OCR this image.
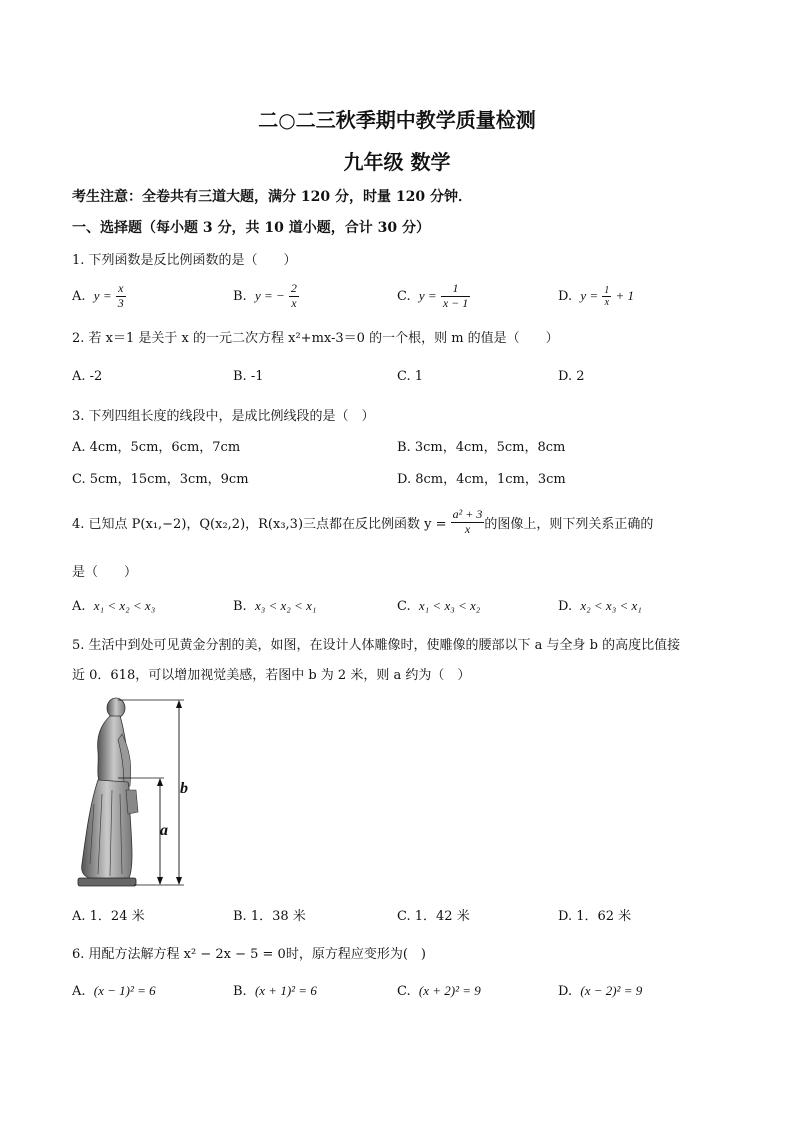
二○二三秋季期中教学质量检测
九年级 数学
考生注意：全卷共有三道大题，满分 120 分，时量 120 分钟．
一、选择题（每小题 3 分，共 10 道小题，合计 30 分）
1. 下列函数是反比例函数的是（　　）
A.
y =
$\frac{x}{3}$	B.
y = −
$\frac{2}{x}$	C.
y =
$\frac{1}{x - 1}$	D.
y =
$\frac{1}{x}$
+ 1
2. 若 x＝1 是关于 x 的一元二次方程 x²+mx-3＝0 的一个根，则 m 的值是（　　）
A. -2	B. -1	C. 1	D. 2
3. 下列四组长度的线段中，是成比例线段的是（　）
A. 4cm，5cm，6cm，7cm	B. 3cm，4cm，5cm，8cm
C. 5cm，15cm，3cm，9cm	D. 8cm，4cm，1cm，3cm
4. 已知点 P(x₁,−2)，Q(x₂,2)，R(x₃,3)三点都在反比例函数 y =
$\frac{\text{a² + 3}}{x}$ 的图像上，则下列关系正确的
是（　　）
A. x₁ < x₂ < x₃	B. x₃ < x₂ < x₁	C. x₁ < x₃ < x₂	D. x₂ < x₃ < x₁
5. 生活中到处可见黄金分割的美，如图，在设计人体雕像时，使雕像的腰部以下 a 与全身 b 的高度比值接
近 0．618，可以增加视觉美感，若图中 b 为 2 米，则 a 约为（　）
b
a
A. 1．24 米	B. 1．38 米	C. 1．42 米	D. 1．62 米
6. 用配方法解方程 x² − 2x − 5 = 0时，原方程应变形为(　)
A. (x − 1)² = 6	B. (x + 1)² = 6	C. (x + 2)² = 9	D. (x − 2)² = 9
